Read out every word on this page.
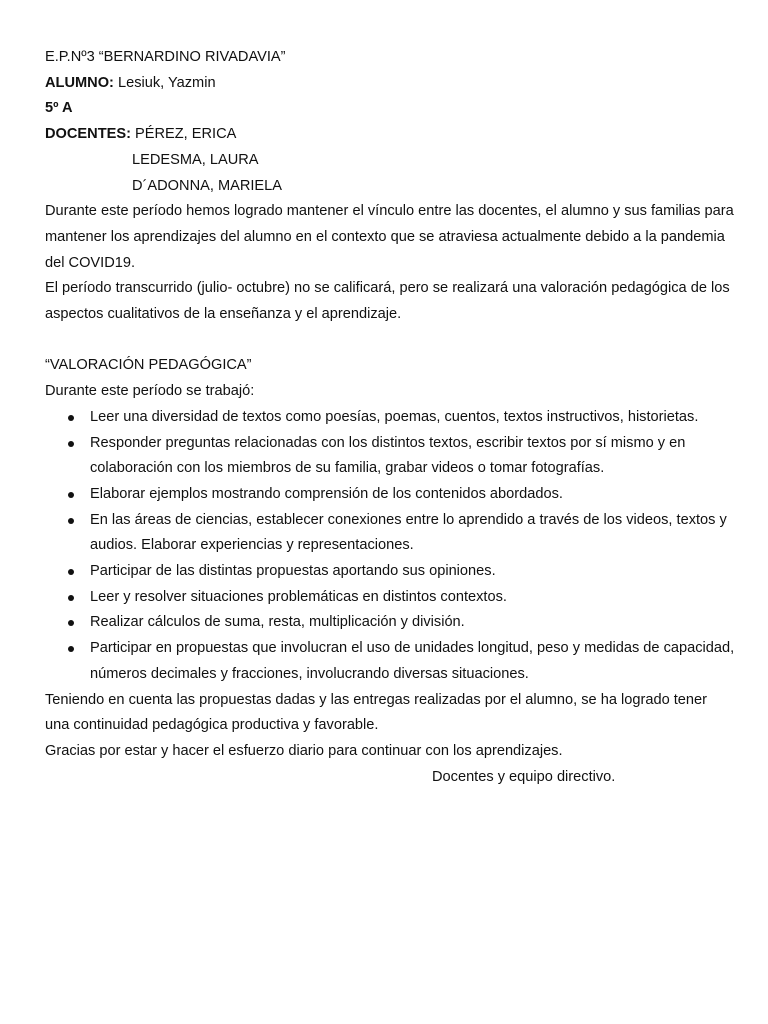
E.P.Nº3 “BERNARDINO RIVADAVIA”

ALUMNO: Lesiuk, Yazmin

5º A

DOCENTES: PÉREZ, ERICA

LEDESMA, LAURA

D´ADONNA, MARIELA

Durante este período hemos logrado mantener el vínculo entre las docentes, el alumno y sus familias para mantener los aprendizajes del alumno en el contexto que se atraviesa actualmente debido a la pandemia del COVID19.

El período transcurrido (julio- octubre) no se calificará, pero se realizará una valoración pedagógica de los aspectos cualitativos de la enseñanza y el aprendizaje.

“VALORACIÓN PEDAGÓGICA”

Durante este período se trabajó:

Leer una diversidad de textos como poesías, poemas, cuentos, textos instructivos, historietas.
Responder preguntas relacionadas con los distintos textos, escribir textos por sí mismo y en colaboración con los miembros de su familia, grabar videos o tomar fotografías.
Elaborar ejemplos mostrando comprensión de los contenidos abordados.
En las áreas de ciencias, establecer conexiones entre lo aprendido a través de los videos, textos y audios. Elaborar experiencias y representaciones.
Participar de las distintas propuestas aportando sus opiniones.
Leer y resolver situaciones problemáticas en distintos contextos.
Realizar cálculos de suma, resta, multiplicación y división.
Participar en propuestas que involucran el uso de unidades longitud, peso y medidas de capacidad, números decimales y fracciones, involucrando diversas situaciones.

Teniendo en cuenta las propuestas dadas y las entregas realizadas por el alumno, se ha logrado tener una continuidad pedagógica productiva y favorable.

Gracias por estar y hacer el esfuerzo diario para continuar con los aprendizajes.

Docentes y equipo directivo.
